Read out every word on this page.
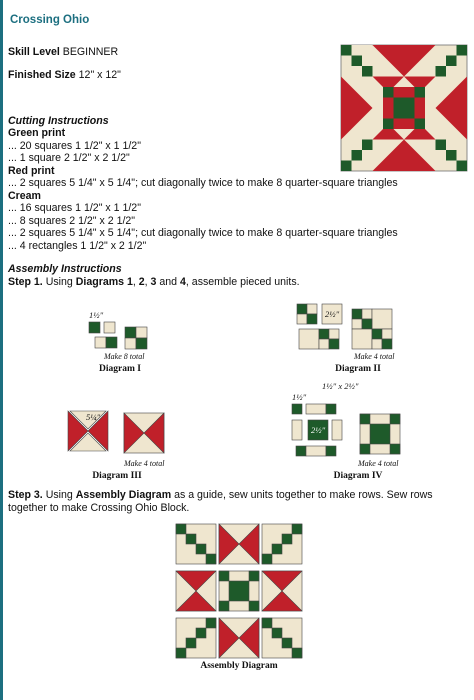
Crossing Ohio
Skill Level BEGINNER
Finished Size 12" x 12"
Cutting Instructions
Green print
... 20 squares 1 1/2" x 1 1/2"
... 1 square 2 1/2" x 2 1/2"
Red print
... 2 squares 5 1/4" x 5 1/4"; cut diagonally twice to make 8 quarter-square triangles
Cream
... 16 squares 1 1/2" x 1 1/2"
... 8 squares 2 1/2" x 2 1/2"
... 2 squares 5 1/4" x 5 1/4"; cut diagonally twice to make 8 quarter-square triangles
... 4 rectangles 1 1/2" x 2 1/2"
Assembly Instructions
Step 1. Using Diagrams 1, 2, 3 and 4, assemble pieced units.
Step 3. Using Assembly Diagram as a guide, sew units together to make rows. Sew rows
together to make Crossing Ohio Block.
1½"
Make 8 total
Diagram I
2½"
Make 4 total
Diagram II
5¼"
Make 4 total
Diagram III
1½" x 2½"
1½"
2½"
Make 4 total
Diagram IV
Assembly Diagram
